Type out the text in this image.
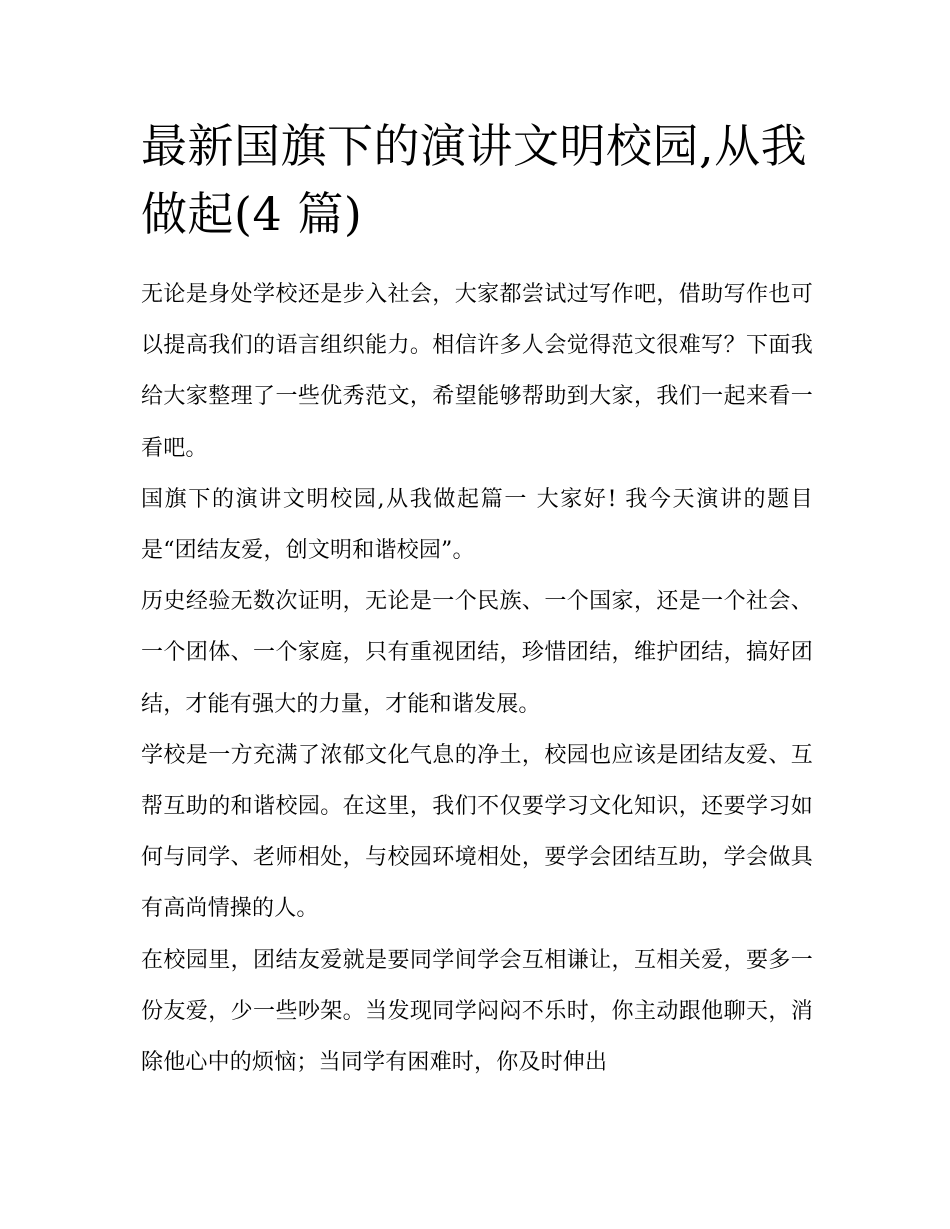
最新国旗下的演讲文明校园,从我做起(4 篇)

无论是身处学校还是步入社会，大家都尝试过写作吧，借助写作也可以提高我们的语言组织能力。相信许多人会觉得范文很难写？下面我给大家整理了一些优秀范文，希望能够帮助到大家，我们一起来看一看吧。

国旗下的演讲文明校园,从我做起篇一 大家好! 我今天演讲的题目是“团结友爱，创文明和谐校园”。

历史经验无数次证明，无论是一个民族、一个国家，还是一个社会、一个团体、一个家庭，只有重视团结，珍惜团结，维护团结，搞好团结，才能有强大的力量，才能和谐发展。

学校是一方充满了浓郁文化气息的净土，校园也应该是团结友爱、互帮互助的和谐校园。在这里，我们不仅要学习文化知识，还要学习如何与同学、老师相处，与校园环境相处，要学会团结互助，学会做具有高尚情操的人。

在校园里，团结友爱就是要同学间学会互相谦让，互相关爱，要多一份友爱，少一些吵架。当发现同学闷闷不乐时，你主动跟他聊天，消除他心中的烦恼；当同学有困难时，你及时伸出
